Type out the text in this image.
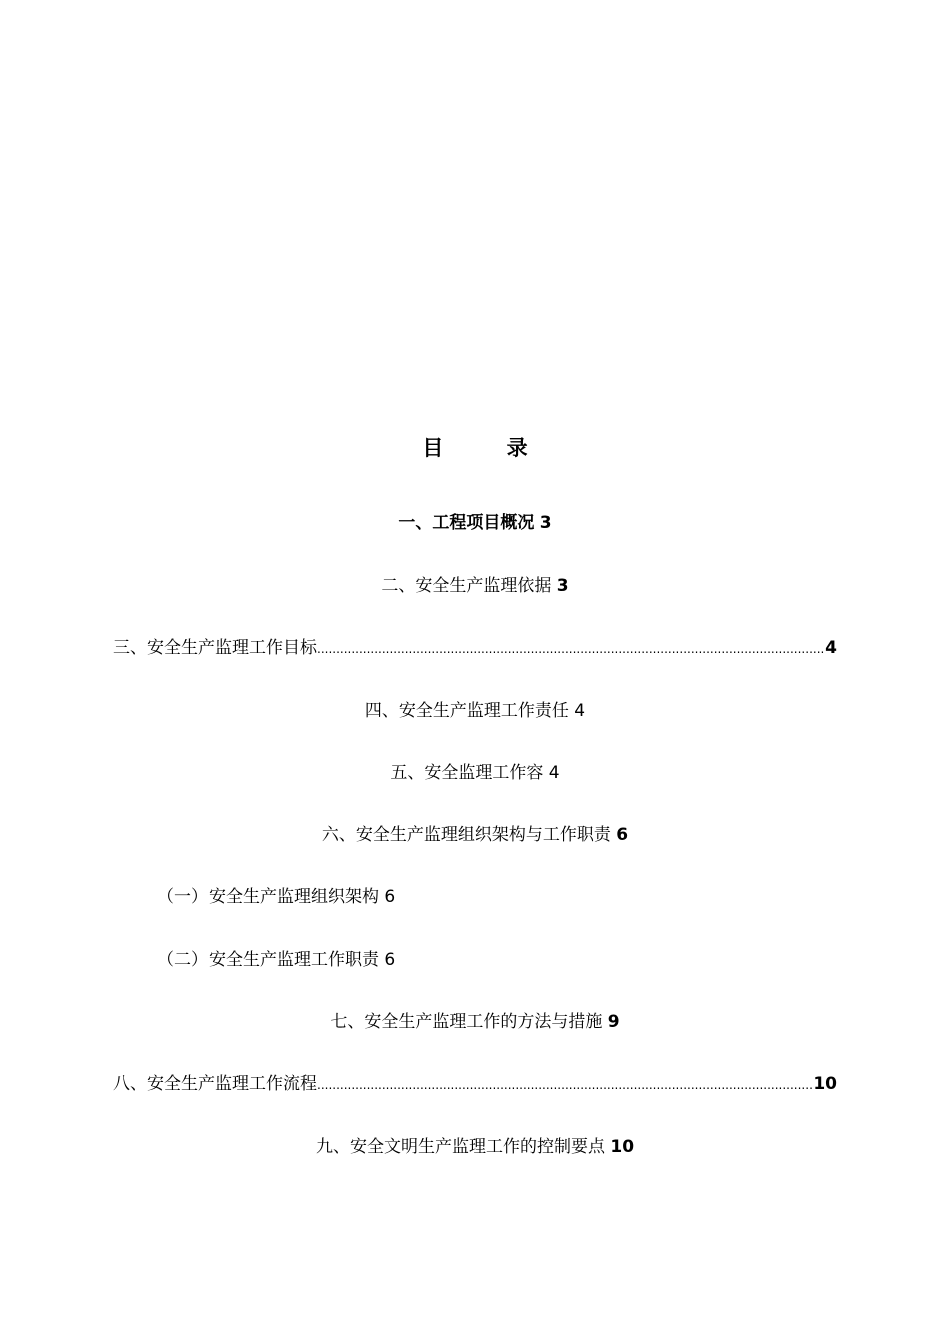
目 录
一、工程项目概况 3
二、安全生产监理依据 3
三、安全生产监理工作目标 .....	4
四、安全生产监理工作责任 4
五、安全监理工作容 4
六、安全生产监理组织架构与工作职责 6
（一）安全生产监理组织架构 6
（二）安全生产监理工作职责 6
七、安全生产监理工作的方法与措施 9
八、安全生产监理工作流程 .....	10
九、安全文明生产监理工作的控制要点 10
